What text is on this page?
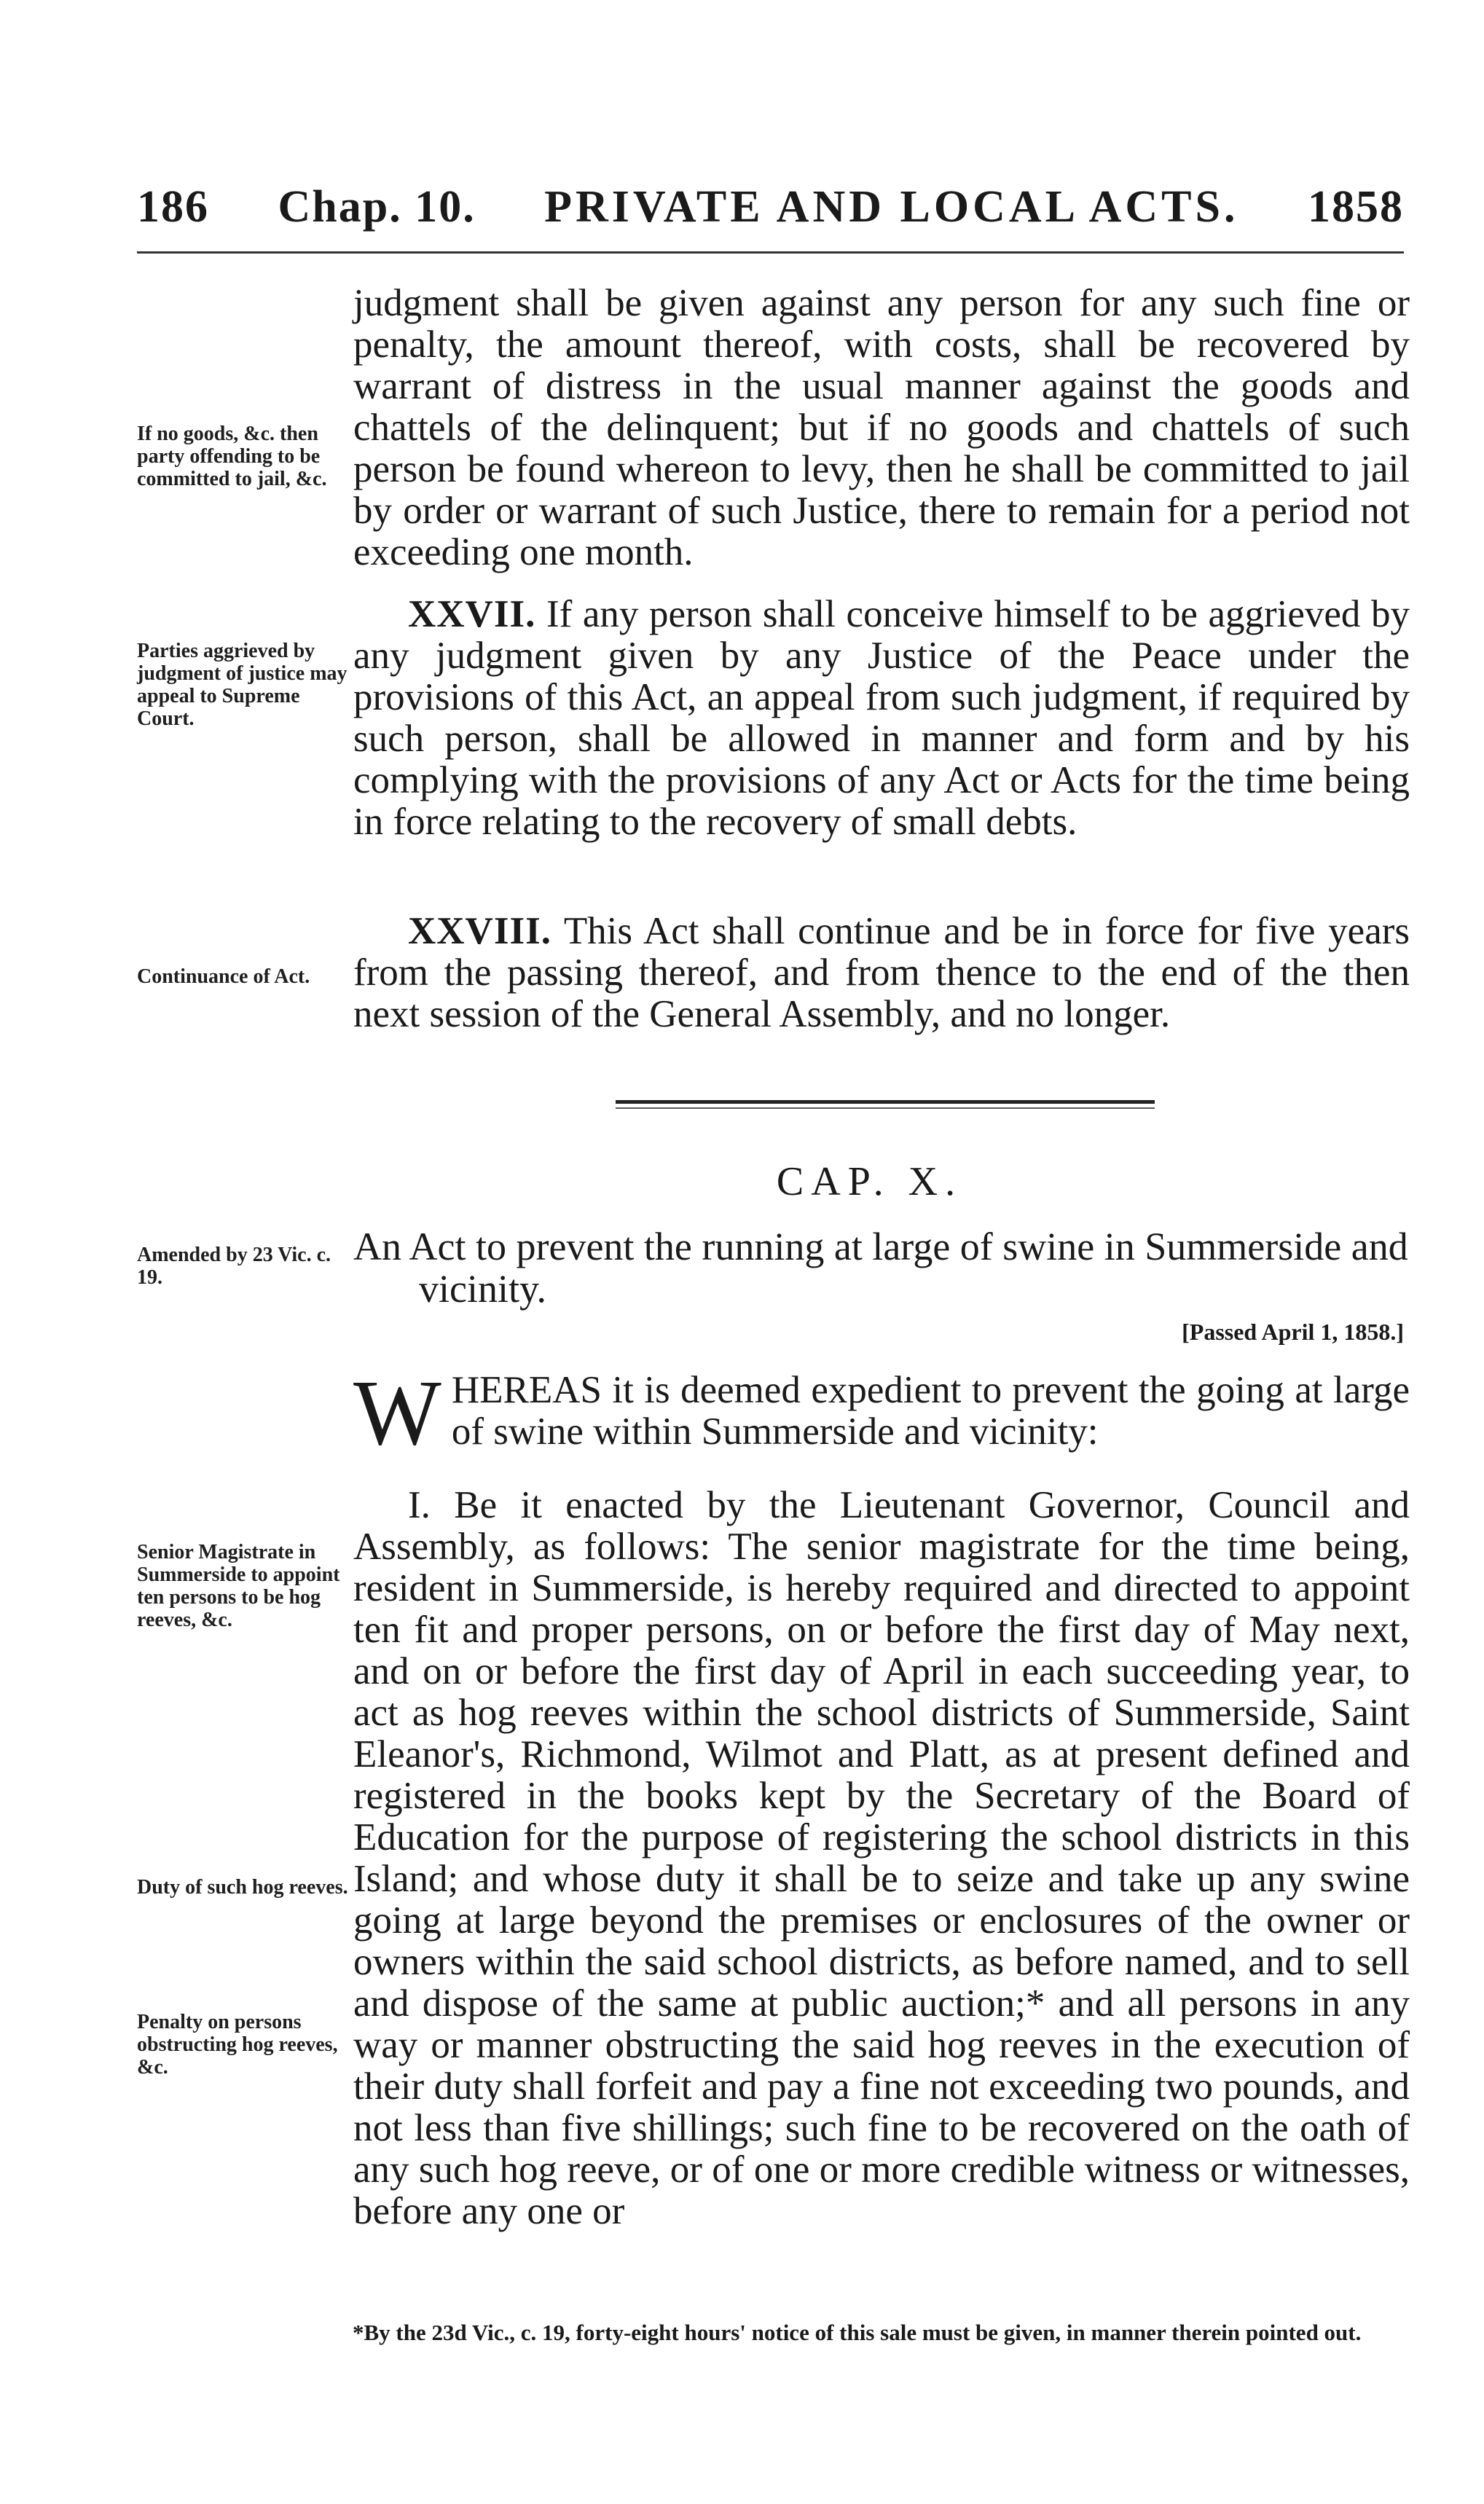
186 Chap. 10. PRIVATE AND LOCAL ACTS. 1858
judgment shall be given against any person for any such fine or penalty, the amount thereof, with costs, shall be recovered by warrant of distress in the usual manner against the goods and chattels of the delinquent; but if no goods and chattels of such person be found whereon to levy, then he shall be committed to jail by order or warrant of such Justice, there to remain for a period not exceeding one month.
If no goods, &c. then party offending to be committed to jail, &c.
XXVII. If any person shall conceive himself to be aggrieved by any judgment given by any Justice of the Peace under the provisions of this Act, an appeal from such judgment, if required by such person, shall be allowed in manner and form and by his complying with the provisions of any Act or Acts for the time being in force relating to the recovery of small debts.
Parties aggrieved by judgment of justice may appeal to Supreme Court.
XXVIII. This Act shall continue and be in force for five years from the passing thereof, and from thence to the end of the then next session of the General Assembly, and no longer.
Continuance of Act.
CAP. X.
Amended by 23 Vic. c. 19.
An Act to prevent the running at large of swine in Summerside and vicinity.
[Passed April 1, 1858.]
W HEREAS it is deemed expedient to prevent the going at large of swine within Summerside and vicinity:
I. Be it enacted by the Lieutenant Governor, Council and Assembly, as follows: The senior magistrate for the time being, resident in Summerside, is hereby required and directed to appoint ten fit and proper persons, on or before the first day of May next, and on or before the first day of April in each succeeding year, to act as hog reeves within the school districts of Summerside, Saint Eleanor's, Richmond, Wilmot and Platt, as at present defined and registered in the books kept by the Secretary of the Board of Education for the purpose of registering the school districts in this Island; and whose duty it shall be to seize and take up any swine going at large beyond the premises or enclosures of the owner or owners within the said school districts, as before named, and to sell and dispose of the same at public auction;* and all persons in any way or manner obstructing the said hog reeves in the execution of their duty shall forfeit and pay a fine not exceeding two pounds, and not less than five shillings; such fine to be recovered on the oath of any such hog reeve, or of one or more credible witness or witnesses, before any one or
Senior Magistrate in Summerside to appoint ten persons to be hog reeves, &c.
Duty of such hog reeves.
Penalty on persons obstructing hog reeves, &c.
*By the 23d Vic., c. 19, forty-eight hours' notice of this sale must be given, in manner therein pointed out.
